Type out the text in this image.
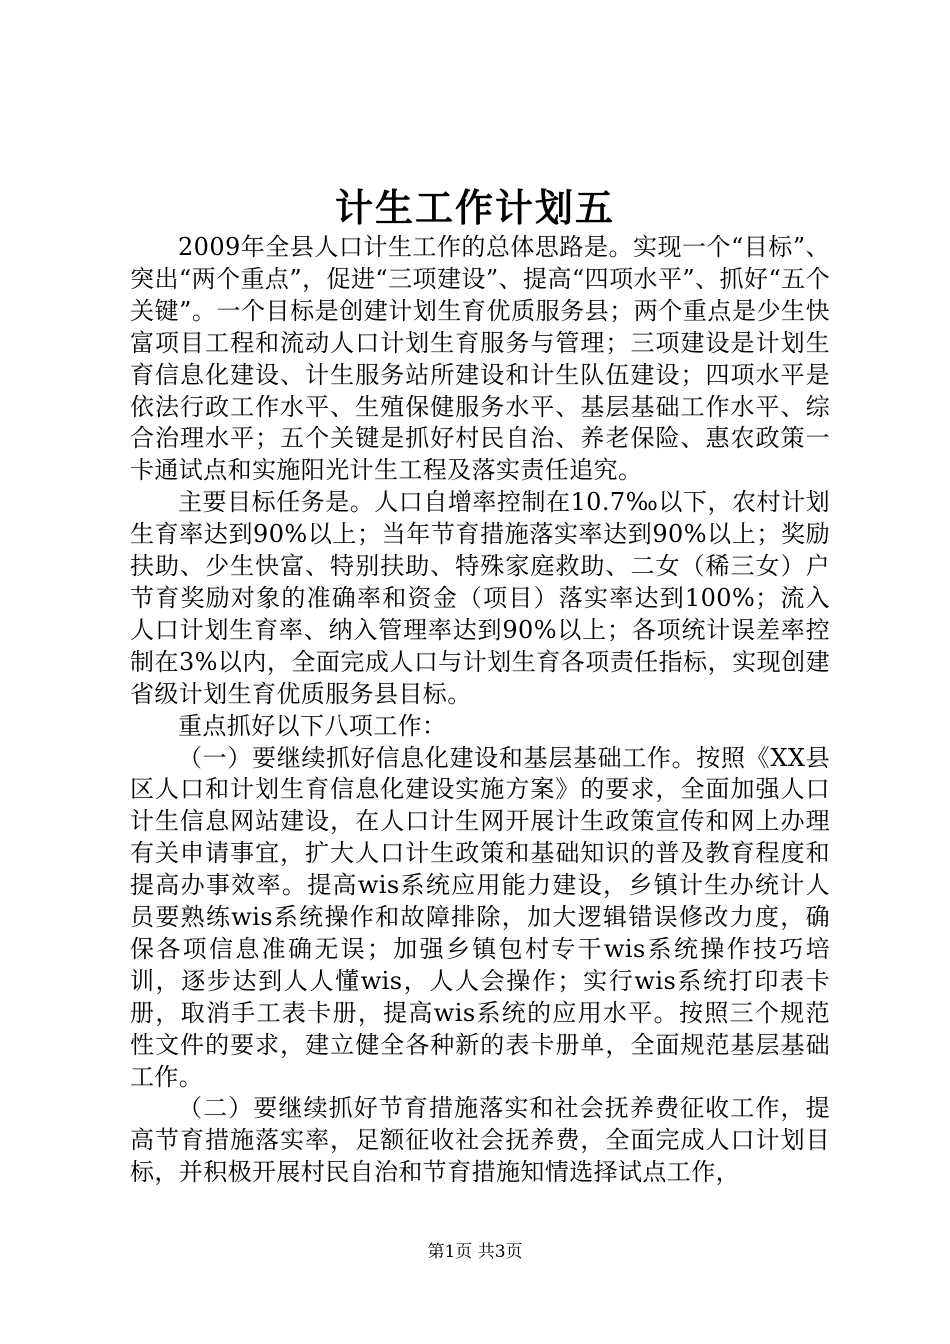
计生工作计划五

2009年全县人口计生工作的总体思路是。实现一个“目标”、突出“两个重点”，促进“三项建设”、提高“四项水平”、抓好“五个关键”。一个目标是创建计划生育优质服务县；两个重点是少生快富项目工程和流动人口计划生育服务与管理；三项建设是计划生育信息化建设、计生服务站所建设和计生队伍建设；四项水平是依法行政工作水平、生殖保健服务水平、基层基础工作水平、综合治理水平；五个关键是抓好村民自治、养老保险、惠农政策一卡通试点和实施阳光计生工程及落实责任追究。

主要目标任务是。人口自增率控制在10.7‰以下，农村计划生育率达到90%以上；当年节育措施落实率达到90%以上；奖励扶助、少生快富、特别扶助、特殊家庭救助、二女（稀三女）户节育奖励对象的准确率和资金（项目）落实率达到100%；流入人口计划生育率、纳入管理率达到90%以上；各项统计误差率控制在3%以内，全面完成人口与计划生育各项责任指标，实现创建省级计划生育优质服务县目标。

重点抓好以下八项工作：

（一）要继续抓好信息化建设和基层基础工作。按照《XX县区人口和计划生育信息化建设实施方案》的要求，全面加强人口计生信息网站建设，在人口计生网开展计生政策宣传和网上办理有关申请事宜，扩大人口计生政策和基础知识的普及教育程度和提高办事效率。提高wis系统应用能力建设，乡镇计生办统计人员要熟练wis系统操作和故障排除，加大逻辑错误修改力度，确保各项信息准确无误；加强乡镇包村专干wis系统操作技巧培训，逐步达到人人懂wis，人人会操作；实行wis系统打印表卡册，取消手工表卡册，提高wis系统的应用水平。按照三个规范性文件的要求，建立健全各种新的表卡册单，全面规范基层基础工作。

（二）要继续抓好节育措施落实和社会抚养费征收工作，提高节育措施落实率，足额征收社会抚养费，全面完成人口计划目标，并积极开展村民自治和节育措施知情选择试点工作，

第1页 共3页
